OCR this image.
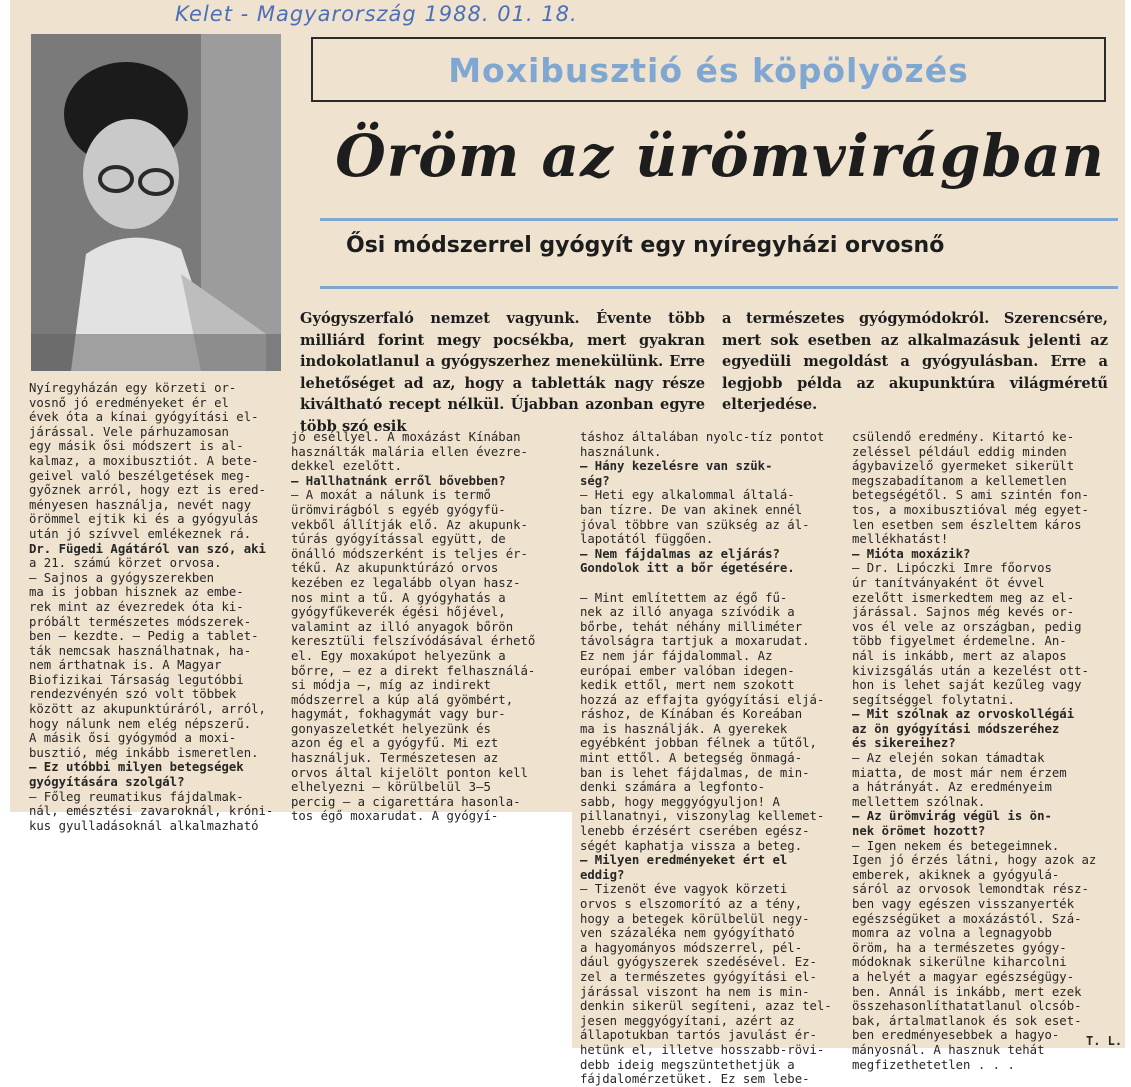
Kelet - Magyarország 1988. 01. 18.
Moxibusztió és köpölyözés
Öröm az ürömvirágban
Ősi módszerrel gyógyít egy nyíregyházi orvosnő
Gyógyszerfaló nemzet vagyunk. Évente több milliárd forint megy pocsékba, mert gyakran indokolatlanul a gyógyszerhez menekülünk. Erre lehetőséget ad az, hogy a tabletták nagy része kiváltható recept nélkül. Újabban azonban egyre több szó esik
a természetes gyógymódokról. Szerencsére, mert sok esetben az alkalmazásuk jelenti az egyedüli megoldást a gyógyulásban. Erre a legjobb példa az akupunktúra világméretű elterjedése.
Nyíregyházán egy körzeti or-
vosnő jó eredményeket ér el
évek óta a kínai gyógyítási el-
járással. Vele párhuzamosan
egy másik ősi módszert is al-
kalmaz, a moxibusztiót. A bete-
geivel való beszélgetések meg-
győznek arról, hogy ezt is ered-
ményesen használja, nevét nagy
örömmel ejtik ki és a gyógyulás
után jó szívvel emlékeznek rá.
Dr. Fügedi Agátáról van szó, aki
a 21. számú körzet orvosa.
— Sajnos a gyógyszerekben
ma is jobban hisznek az embe-
rek mint az évezredek óta ki-
próbált természetes módszerek-
ben — kezdte. — Pedig a tablet-
ták nemcsak használhatnak, ha-
nem árthatnak is. A Magyar
Biofizikai Társaság legutóbbi
rendezvényén szó volt többek
között az akupunktúráról, arról,
hogy nálunk nem elég népszerű.
A másik ősi gyógymód a moxi-
busztió, még inkább ismeretlen.
— Ez utóbbi milyen betegségek
gyógyítására szolgál?
— Főleg reumatikus fájdalmak-
nál, emésztési zavaroknál, króni-
kus gyulladásoknál alkalmazható
jó eséllyel. A moxázást Kínában
használták malária ellen évezre-
dekkel ezelőtt.
— Hallhatnánk erről bővebben?
— A moxát a nálunk is termő
ürömvirágból s egyéb gyógyfü-
vekből állítják elő. Az akupunk-
túrás gyógyítással együtt, de
önálló módszerként is teljes ér-
tékű. Az akupunktúrázó orvos
kezében ez legalább olyan hasz-
nos mint a tű. A gyógyhatás a
gyógyfűkeverék égési hőjével,
valamint az illó anyagok bőrön
keresztüli felszívódásával érhető
el. Egy moxakúpot helyezünk a
bőrre, — ez a direkt felhasználá-
si módja —, míg az indirekt
módszerrel a kúp alá gyömbért,
hagymát, fokhagymát vagy bur-
gonyaszeletkét helyezünk és
azon ég el a gyógyfű. Mi ezt
használjuk. Természetesen az
orvos által kijelölt ponton kell
elhelyezni — körülbelül 3—5
percig — a cigarettára hasonla-
tos égő moxarudat. A gyógyí-
táshoz általában nyolc-tíz pontot
használunk.
— Hány kezelésre van szük-
ség?
— Heti egy alkalommal általá-
ban tízre. De van akinek ennél
jóval többre van szükség az ál-
lapotától függően.
— Nem fájdalmas az eljárás?
Gondolok itt a bőr égetésére.

— Mint említettem az égő fű-
nek az illó anyaga szívódik a
bőrbe, tehát néhány milliméter
távolságra tartjuk a moxarudat.
Ez nem jár fájdalommal. Az
európai ember valóban idegen-
kedik ettől, mert nem szokott
hozzá az effajta gyógyítási eljá-
ráshoz, de Kínában és Koreában
ma is használják. A gyerekek
egyébként jobban félnek a tűtől,
mint ettől. A betegség önmagá-
ban is lehet fájdalmas, de min-
denki számára a legfonto-
sabb, hogy meggyógyuljon! A
pillanatnyi, viszonylag kellemet-
lenebb érzésért cserében egész-
ségét kaphatja vissza a beteg.
— Milyen eredményeket ért el
eddig?
— Tizenöt éve vagyok körzeti
orvos s elszomorító az a tény,
hogy a betegek körülbelül negy-
ven százaléka nem gyógyítható
a hagyományos módszerrel, pél-
dául gyógyszerek szedésével. Ez-
zel a természetes gyógyítási el-
járással viszont ha nem is min-
denkin sikerül segíteni, azaz tel-
jesen meggyógyítani, azért az
állapotukban tartós javulást ér-
hetünk el, illetve hosszabb-rövi-
debb ideig megszüntethetjük a
fájdalomérzetüket. Ez sem lebe-
csülendő eredmény. Kitartó ke-
zeléssel például eddig minden
ágybavizelő gyermeket sikerült
megszabadítanom a kellemetlen
betegségétől. S ami szintén fon-
tos, a moxibusztióval még egyet-
len esetben sem észleltem káros
mellékhatást!
— Mióta moxázik?
— Dr. Lipóczki Imre főorvos
úr tanítványaként öt évvel
ezelőtt ismerkedtem meg az el-
járással. Sajnos még kevés or-
vos él vele az országban, pedig
több figyelmet érdemelne. An-
nál is inkább, mert az alapos
kivizsgálás után a kezelést ott-
hon is lehet saját kezűleg vagy
segítséggel folytatni.
— Mit szólnak az orvoskollégái
az ön gyógyítási módszeréhez
és sikereihez?
— Az elején sokan támadtak
miatta, de most már nem érzem
a hátrányát. Az eredményeim
mellettem szólnak.
— Az ürömvirág végül is ön-
nek örömet hozott?
— Igen nekem és betegeimnek.
Igen jó érzés látni, hogy azok az
emberek, akiknek a gyógyulá-
sáról az orvosok lemondtak rész-
ben vagy egészen visszanyerték
egészségüket a moxázástól. Szá-
momra az volna a legnagyobb
öröm, ha a természetes gyógy-
módoknak sikerülne kiharcolni
a helyét a magyar egészségügy-
ben. Annál is inkább, mert ezek
összehasonlíthatatlanul olcsób-
bak, ártalmatlanok és sok eset-
ben eredményesebbek a hagyo-
mányosnál. A hasznuk tehát
megfizethetetlen . . .
T. L.
